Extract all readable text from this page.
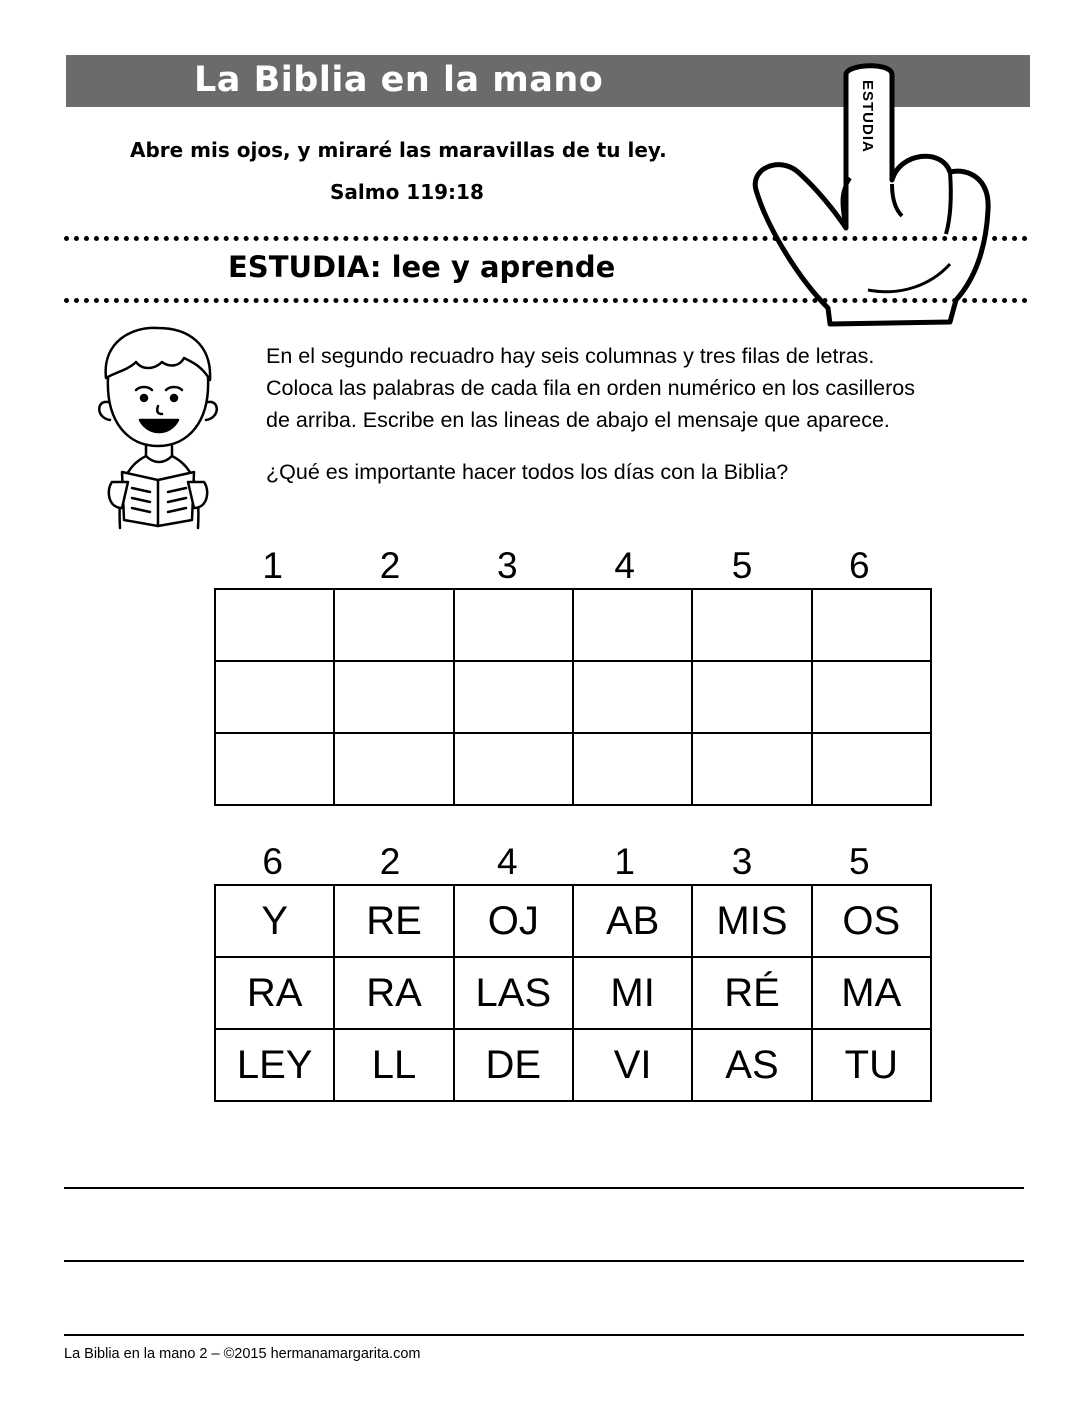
La Biblia en la mano	ESTUDIA
Abre mis ojos, y miraré las maravillas de tu ley.
Salmo 119:18
ESTUDIA: lee y aprende

En el segundo recuadro hay seis columnas y tres filas de letras.

Coloca las palabras de cada fila en orden numérico en los casilleros

de arriba. Escribe en las lineas de abajo el mensaje que aparece.

¿Qué es importante hacer todos los días con la Biblia?
1	2	3	4	5	6

6	2	4	1	3	5
Y	RE	OJ	AB	MIS	OS
RA	RA	LAS	MI	RÉ	MA
LEY	LL	DE	VI	AS	TU
La Biblia en la mano 2 – ©2015 hermanamargarita.com
